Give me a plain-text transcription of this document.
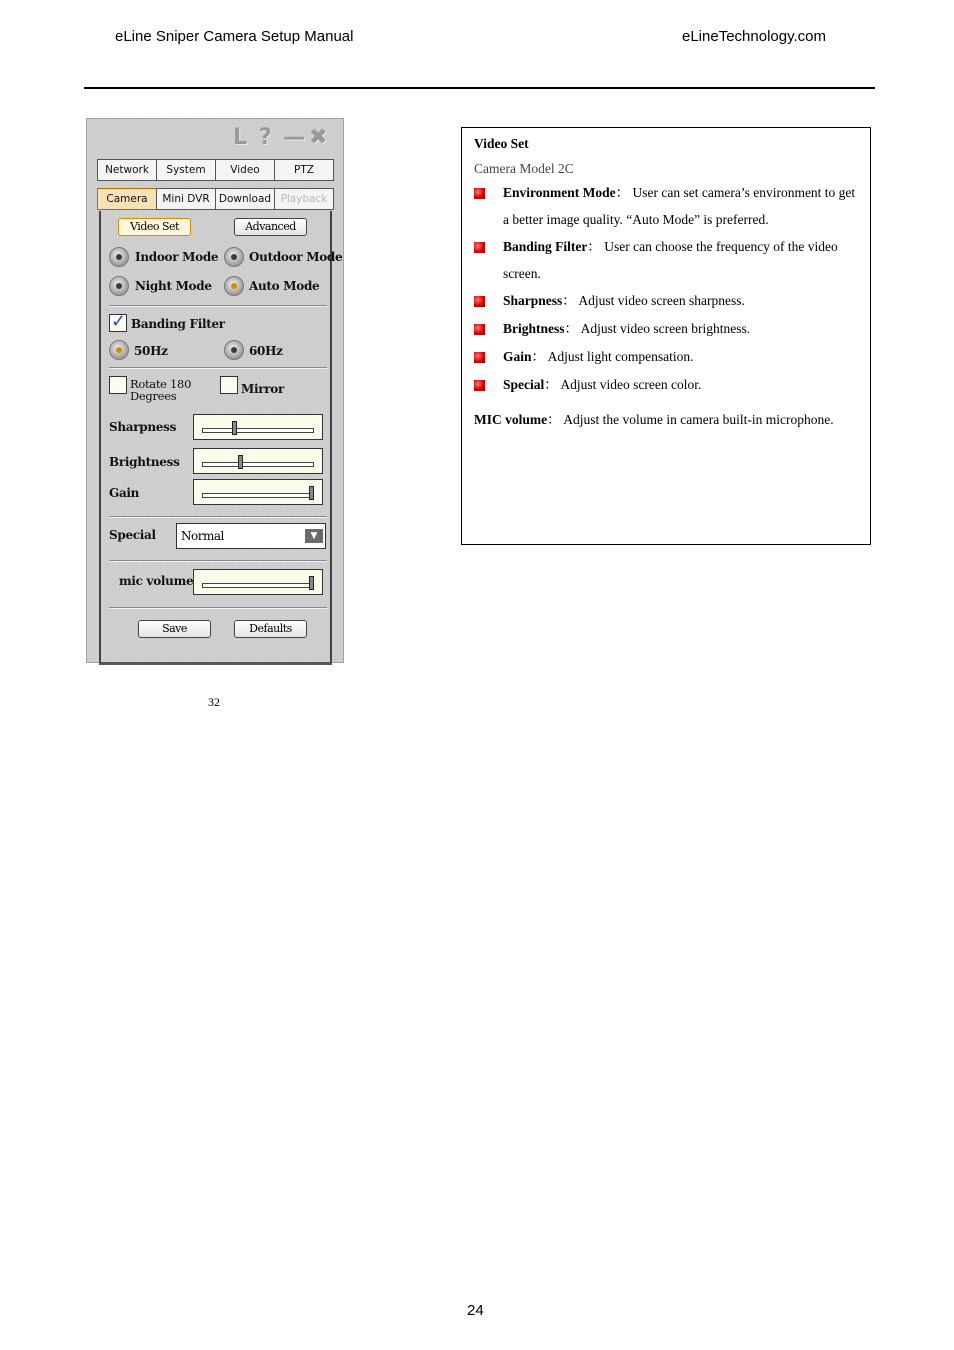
eLine Sniper Camera Setup Manual	eLineTechnology.com
L ? — ✖
Network	System	Video	PTZ
Camera	Mini DVR Download Playback
Video Set	Advanced
Indoor Mode	Outdoor Mode
Night Mode	Auto Mode
✓ Banding Filter
50Hz	60Hz
Rotate 180
Degrees	Mirror
Sharpness
Brightness
Gain
Special Normal	▼
mic volume
Save	Defaults
32
Video Set
Camera Model 2C
Environment Mode： User can set camera’s environment to get a better image quality. “Auto Mode” is preferred.
Banding Filter： User can choose the frequency of the video screen.
Sharpness： Adjust video screen sharpness.
Brightness： Adjust video screen brightness.
Gain： Adjust light compensation.
Special： Adjust video screen color.
MIC volume： Adjust the volume in camera built-in microphone.
24
